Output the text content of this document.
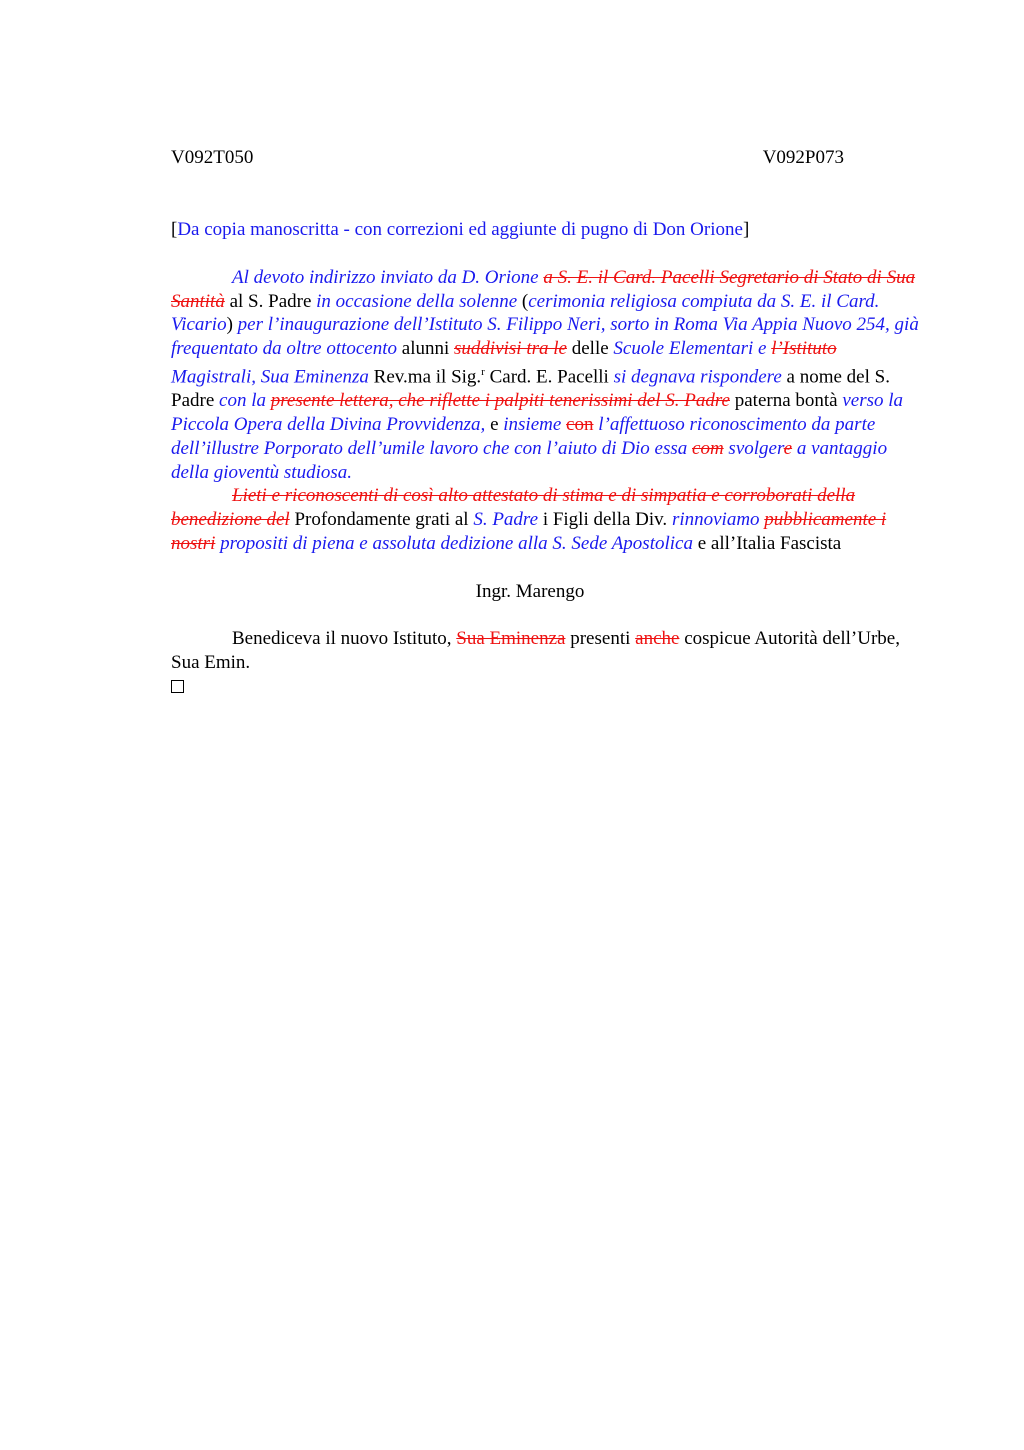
V092T050	V092P073
[Da copia manoscritta - con correzioni ed aggiunte di pugno di Don Orione]

Al devoto indirizzo inviato da D. Orione a S. E. il Card. Pacelli Segretario di Stato di Sua Santità al S. Padre in occasione della solenne (cerimonia religiosa compiuta da S. E. il Card. Vicario) per l’inaugurazione dell’Istituto S. Filippo Neri, sorto in Roma Via Appia Nuovo 254, già frequentato da oltre ottocento alunni suddivisi tra le delle Scuole Elementari e l’Istituto Magistrali, Sua Eminenza Rev.ma il Sig.$^r$ Card. E. Pacelli si degnava rispondere a nome del S. Padre con la presente lettera, che riflette i palpiti tenerissimi del S. Padre paterna bontà verso la Piccola Opera della Divina Provvidenza, e insieme con l’affettuoso riconoscimento da parte dell’illustre Porporato dell’umile lavoro che con l’aiuto di Dio essa com svolgere a vantaggio della gioventù studiosa.

Lieti e riconoscenti di così alto attestato di stima e di simpatia e corroborati della benedizione del Profondamente grati al S. Padre i Figli della Div. rinnoviamo pubblicamente i nostri propositi di piena e assoluta dedizione alla S. Sede Apostolica e all’Italia Fascista

Ingr. Marengo

Benediceva il nuovo Istituto, Sua Eminenza presenti anche cospicue Autorità dell’Urbe, Sua Emin.
